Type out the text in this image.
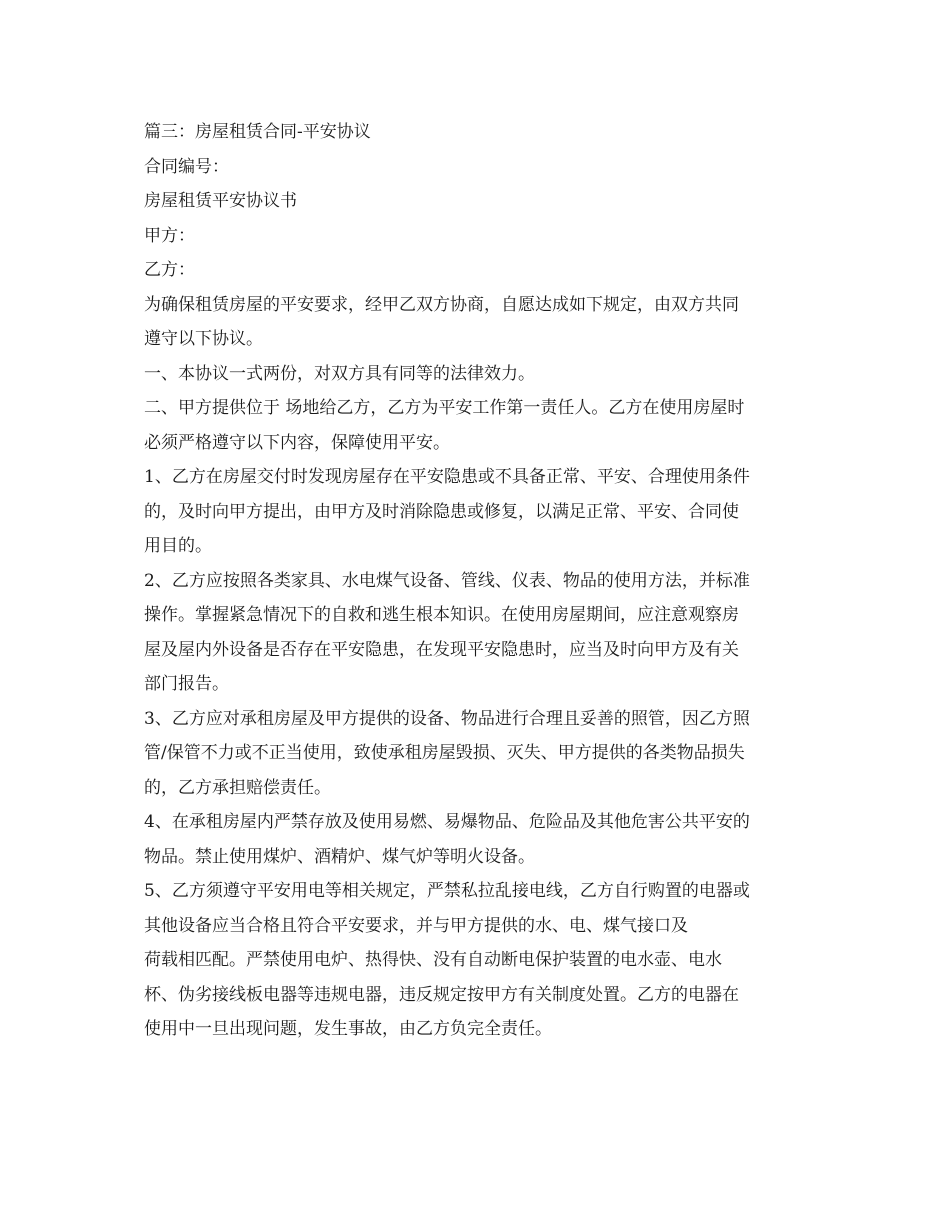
篇三：房屋租赁合同-平安协议
合同编号：
房屋租赁平安协议书
甲方：
乙方：
为确保租赁房屋的平安要求，经甲乙双方协商，自愿达成如下规定，由双方共同
遵守以下协议。
一、本协议一式两份，对双方具有同等的法律效力。
二、甲方提供位于 场地给乙方，乙方为平安工作第一责任人。乙方在使用房屋时
必须严格遵守以下内容，保障使用平安。
1、乙方在房屋交付时发现房屋存在平安隐患或不具备正常、平安、合理使用条件
的，及时向甲方提出，由甲方及时消除隐患或修复，以满足正常、平安、合同使
用目的。
2、乙方应按照各类家具、水电煤气设备、管线、仪表、物品的使用方法，并标准
操作。掌握紧急情况下的自救和逃生根本知识。在使用房屋期间，应注意观察房
屋及屋内外设备是否存在平安隐患，在发现平安隐患时，应当及时向甲方及有关
部门报告。
3、乙方应对承租房屋及甲方提供的设备、物品进行合理且妥善的照管，因乙方照
管/保管不力或不正当使用，致使承租房屋毁损、灭失、甲方提供的各类物品损失
的，乙方承担赔偿责任。
4、在承租房屋内严禁存放及使用易燃、易爆物品、危险品及其他危害公共平安的
物品。禁止使用煤炉、酒精炉、煤气炉等明火设备。
5、乙方须遵守平安用电等相关规定，严禁私拉乱接电线，乙方自行购置的电器或
其他设备应当合格且符合平安要求，并与甲方提供的水、电、煤气接口及
荷载相匹配。严禁使用电炉、热得快、没有自动断电保护装置的电水壶、电水
杯、伪劣接线板电器等违规电器，违反规定按甲方有关制度处置。乙方的电器在
使用中一旦出现问题，发生事故，由乙方负完全责任。
